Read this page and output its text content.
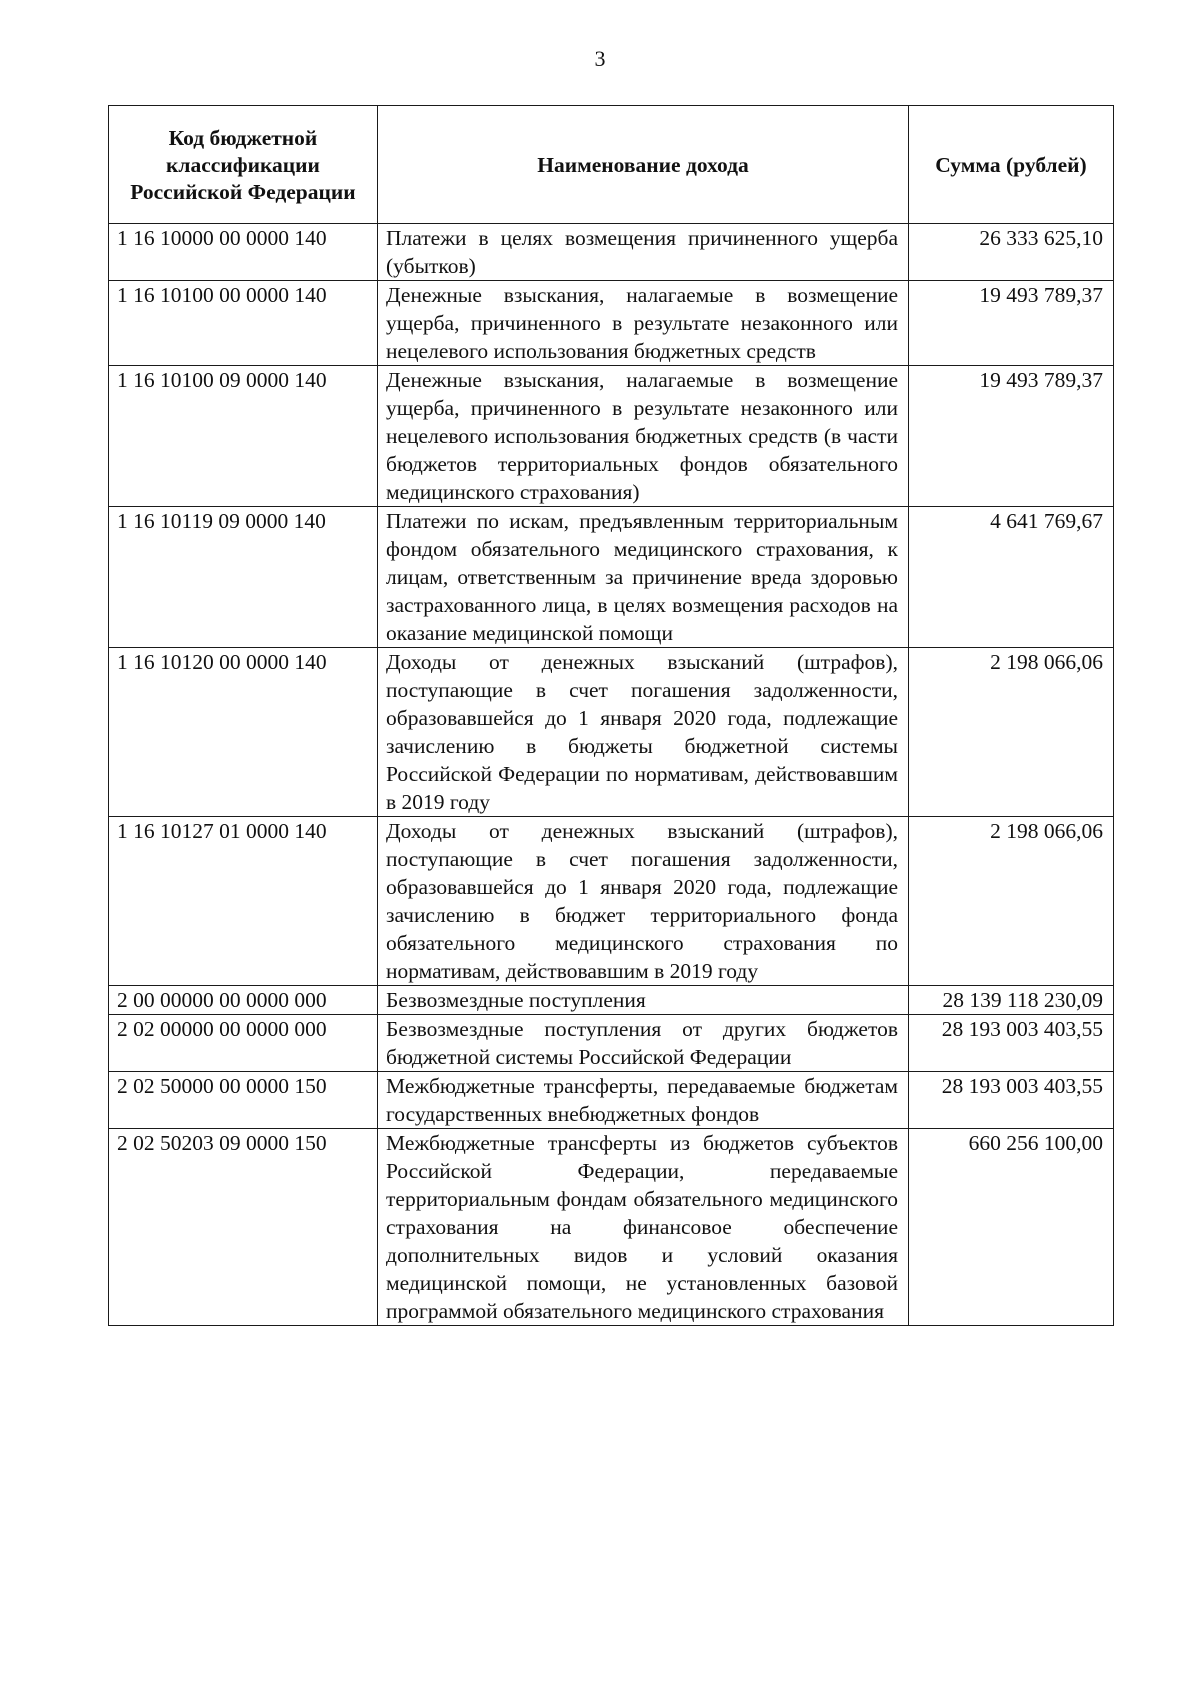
3
Код бюджетной классификации Российской Федерации	Наименование дохода	Сумма (рублей)
1 16 10000 00 0000 140	Платежи в целях возмещения причиненного ущерба (убытков)	26 333 625,10
1 16 10100 00 0000 140	Денежные взыскания, налагаемые в возмещение ущерба, причиненного в результате незаконного или нецелевого использования бюджетных средств	19 493 789,37
1 16 10100 09 0000 140	Денежные взыскания, налагаемые в возмещение ущерба, причиненного в результате незаконного или нецелевого использования бюджетных средств (в части бюджетов территориальных фондов обязательного медицинского страхования)	19 493 789,37
1 16 10119 09 0000 140	Платежи по искам, предъявленным территориальным фондом обязательного медицинского страхования, к лицам, ответственным за причинение вреда здоровью застрахованного лица, в целях возмещения расходов на оказание медицинской помощи	4 641 769,67
1 16 10120 00 0000 140	Доходы от денежных взысканий (штрафов), поступающие в счет погашения задолженности, образовавшейся до 1 января 2020 года, подлежащие зачислению в бюджеты бюджетной системы Российской Федерации по нормативам, действовавшим в 2019 году	2 198 066,06
1 16 10127 01 0000 140	Доходы от денежных взысканий (штрафов), поступающие в счет погашения задолженности, образовавшейся до 1 января 2020 года, подлежащие зачислению в бюджет территориального фонда обязательного медицинского страхования по нормативам, действовавшим в 2019 году	2 198 066,06
2 00 00000 00 0000 000	Безвозмездные поступления	28 139 118 230,09
2 02 00000 00 0000 000	Безвозмездные поступления от других бюджетов бюджетной системы Российской Федерации	28 193 003 403,55
2 02 50000 00 0000 150	Межбюджетные трансферты, передаваемые бюджетам государственных внебюджетных фондов	28 193 003 403,55
2 02 50203 09 0000 150	Межбюджетные трансферты из бюджетов субъектов Российской Федерации, передаваемые территориальным фондам обязательного медицинского страхования на финансовое обеспечение дополнительных видов и условий оказания медицинской помощи, не установленных базовой программой обязательного медицинского страхования	660 256 100,00
